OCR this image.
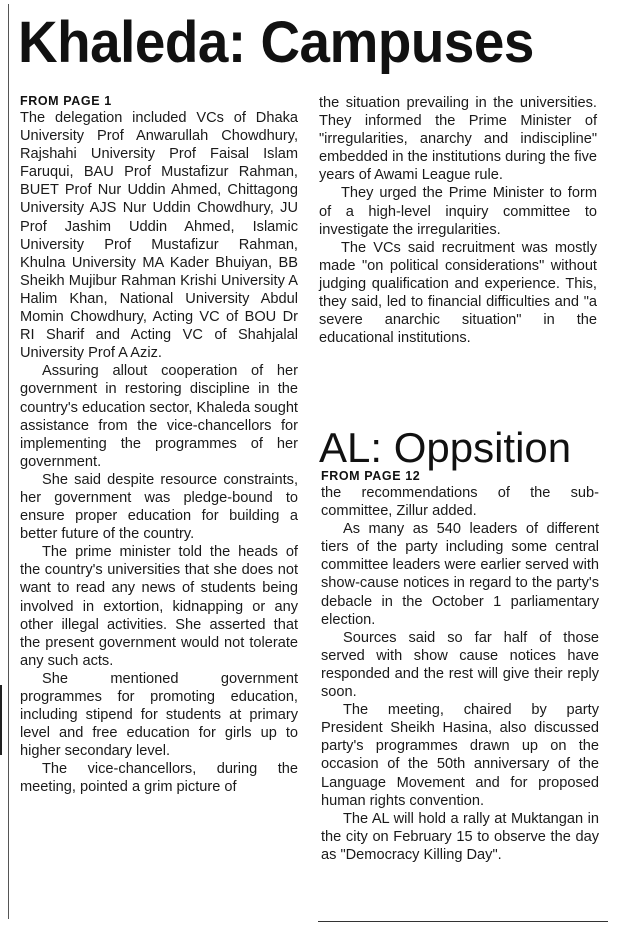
Khaleda: Campuses
FROM PAGE 1

The delegation included VCs of Dhaka University Prof Anwarullah Chowdhury, Rajshahi University Prof Faisal Islam Faruqui, BAU Prof Mustafizur Rahman, BUET Prof Nur Uddin Ahmed, Chittagong University AJS Nur Uddin Chowdhury, JU Prof Jashim Uddin Ahmed, Islamic University Prof Mustafizur Rahman, Khulna University MA Kader Bhuiyan, BB Sheikh Mujibur Rahman Krishi University A Halim Khan, National University Abdul Momin Chowdhury, Acting VC of BOU Dr RI Sharif and Acting VC of Shahjalal University Prof A Aziz.

Assuring allout cooperation of her government in restoring discipline in the country's education sector, Khaleda sought assistance from the vice-chancellors for implementing the programmes of her government.

She said despite resource constraints, her government was pledge-bound to ensure proper education for building a better future of the country.

The prime minister told the heads of the country's universities that she does not want to read any news of students being involved in extortion, kidnapping or any other illegal activities. She asserted that the present government would not tolerate any such acts.

She mentioned government programmes for promoting education, including stipend for students at primary level and free education for girls up to higher secondary level.

The vice-chancellors, during the meeting, pointed a grim picture of

the situation prevailing in the universities. They informed the Prime Minister of "irregularities, anarchy and indiscipline" embedded in the institutions during the five years of Awami League rule.

They urged the Prime Minister to form of a high-level inquiry committee to investigate the irregularities.

The VCs said recruitment was mostly made "on political considerations" without judging qualification and experience. This, they said, led to financial difficulties and "a severe anarchic situation" in the educational institutions.

AL: Oppsition
FROM PAGE 12

the recommendations of the sub-committee, Zillur added.

As many as 540 leaders of different tiers of the party including some central committee leaders were earlier served with show-cause notices in regard to the party's debacle in the October 1 parliamentary election.

Sources said so far half of those served with show cause notices have responded and the rest will give their reply soon.

The meeting, chaired by party President Sheikh Hasina, also discussed party's programmes drawn up on the occasion of the 50th anniversary of the Language Movement and for proposed human rights convention.

The AL will hold a rally at Muktangan in the city on February 15 to observe the day as "Democracy Killing Day".
